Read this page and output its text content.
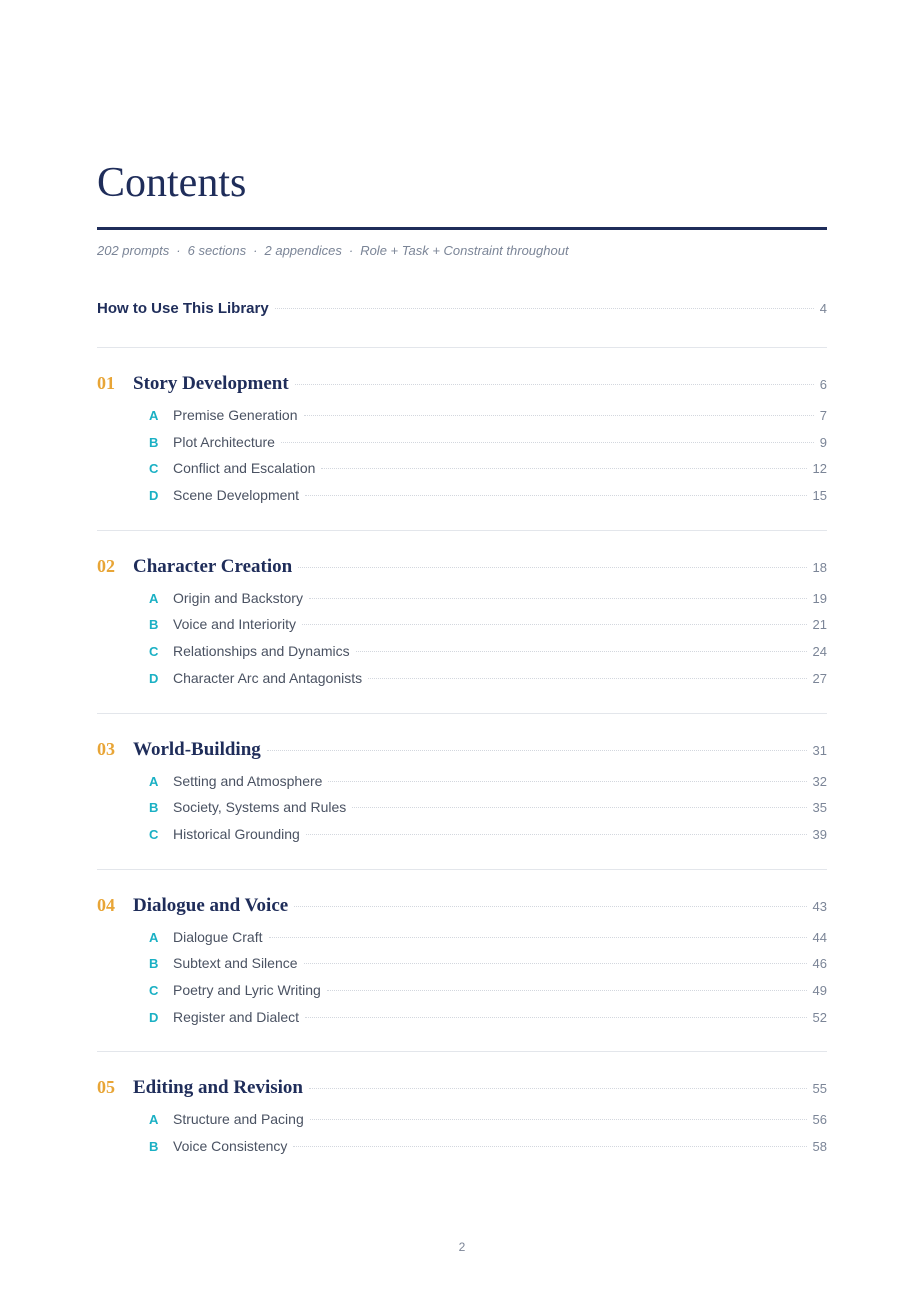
Contents
202 prompts · 6 sections · 2 appendices · Role + Task + Constraint throughout
How to Use This Library	4
01 Story Development	6
A	Premise Generation	7
B	Plot Architecture	9
C	Conflict and Escalation	12
D	Scene Development	15
02 Character Creation	18
A	Origin and Backstory	19
B	Voice and Interiority	21
C	Relationships and Dynamics	24
D	Character Arc and Antagonists	27
03 World-Building	31
A	Setting and Atmosphere	32
B	Society, Systems and Rules	35
C	Historical Grounding	39
04 Dialogue and Voice	43
A	Dialogue Craft	44
B	Subtext and Silence	46
C	Poetry and Lyric Writing	49
D	Register and Dialect	52
05 Editing and Revision	55
A	Structure and Pacing	56
B	Voice Consistency	58
2
